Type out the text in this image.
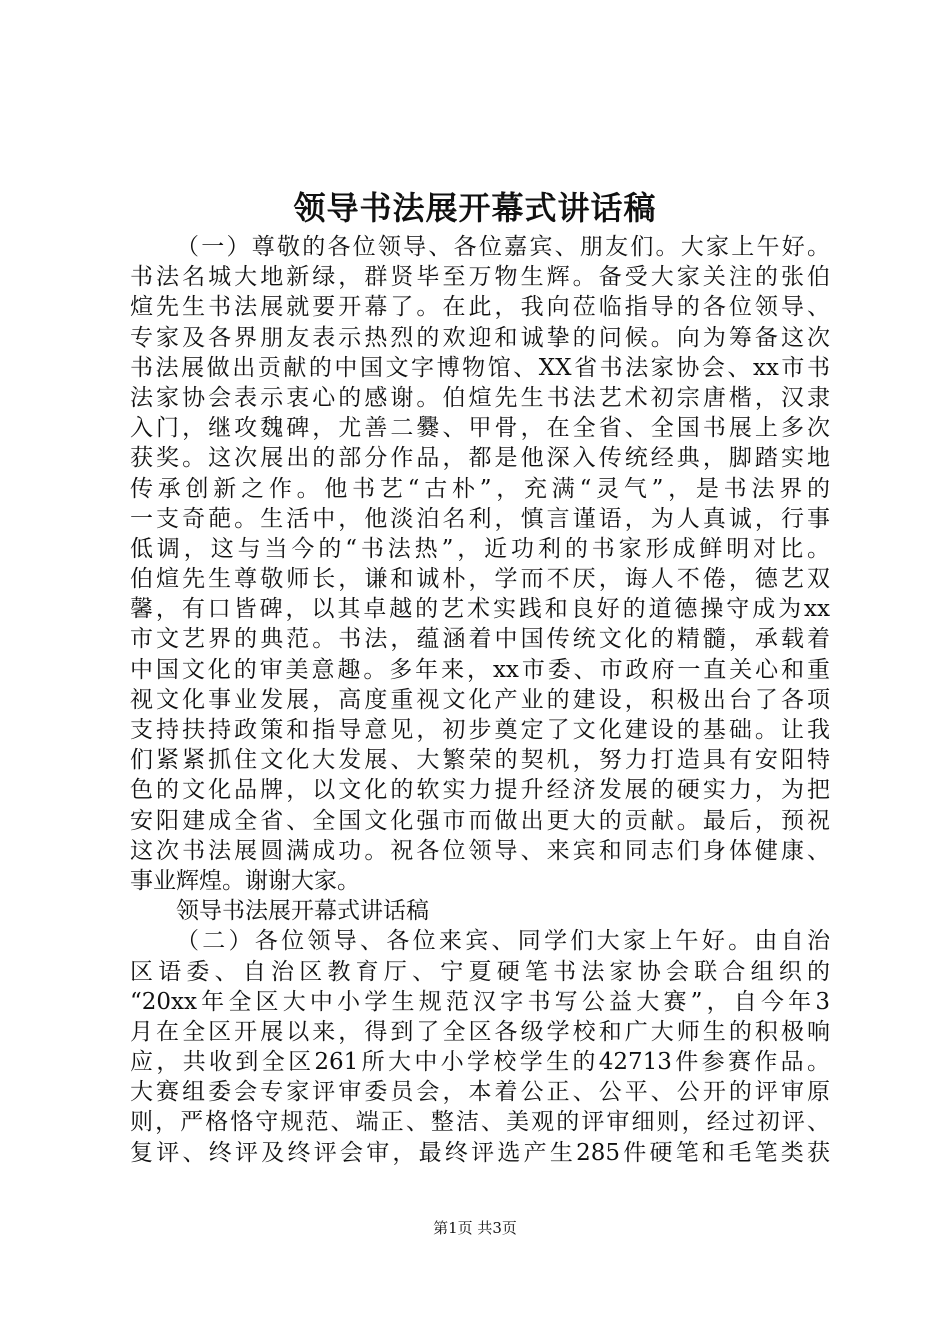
领导书法展开幕式讲话稿
（一）尊敬的各位领导、各位嘉宾、朋友们。大家上午好。
书法名城大地新绿，群贤毕至万物生辉。备受大家关注的张伯
煊先生书法展就要开幕了。在此，我向莅临指导的各位领导、
专家及各界朋友表示热烈的欢迎和诚挚的问候。向为筹备这次
书法展做出贡献的中国文字博物馆、XX省书法家协会、xx市书
法家协会表示衷心的感谢。伯煊先生书法艺术初宗唐楷，汉隶
入门，继攻魏碑，尤善二爨、甲骨，在全省、全国书展上多次
获奖。这次展出的部分作品，都是他深入传统经典，脚踏实地
传承创新之作。他书艺“古朴”，充满“灵气”，是书法界的
一支奇葩。生活中，他淡泊名利，慎言谨语，为人真诚，行事
低调，这与当今的“书法热”，近功利的书家形成鲜明对比。
伯煊先生尊敬师长，谦和诚朴，学而不厌，诲人不倦，德艺双
馨，有口皆碑，以其卓越的艺术实践和良好的道德操守成为xx
市文艺界的典范。书法，蕴涵着中国传统文化的精髓，承载着
中国文化的审美意趣。多年来，xx市委、市政府一直关心和重
视文化事业发展，高度重视文化产业的建设，积极出台了各项
支持扶持政策和指导意见，初步奠定了文化建设的基础。让我
们紧紧抓住文化大发展、大繁荣的契机，努力打造具有安阳特
色的文化品牌，以文化的软实力提升经济发展的硬实力，为把
安阳建成全省、全国文化强市而做出更大的贡献。最后，预祝
这次书法展圆满成功。祝各位领导、来宾和同志们身体健康、
事业辉煌。谢谢大家。
领导书法展开幕式讲话稿
（二）各位领导、各位来宾、同学们大家上午好。由自治
区语委、自治区教育厅、宁夏硬笔书法家协会联合组织的
“20xx年全区大中小学生规范汉字书写公益大赛”，自今年3
月在全区开展以来，得到了全区各级学校和广大师生的积极响
应，共收到全区261所大中小学校学生的42713件参赛作品。
大赛组委会专家评审委员会，本着公正、公平、公开的评审原
则，严格恪守规范、端正、整洁、美观的评审细则，经过初评、
复评、终评及终评会审，最终评选产生285件硬笔和毛笔类获
第1页 共3页
